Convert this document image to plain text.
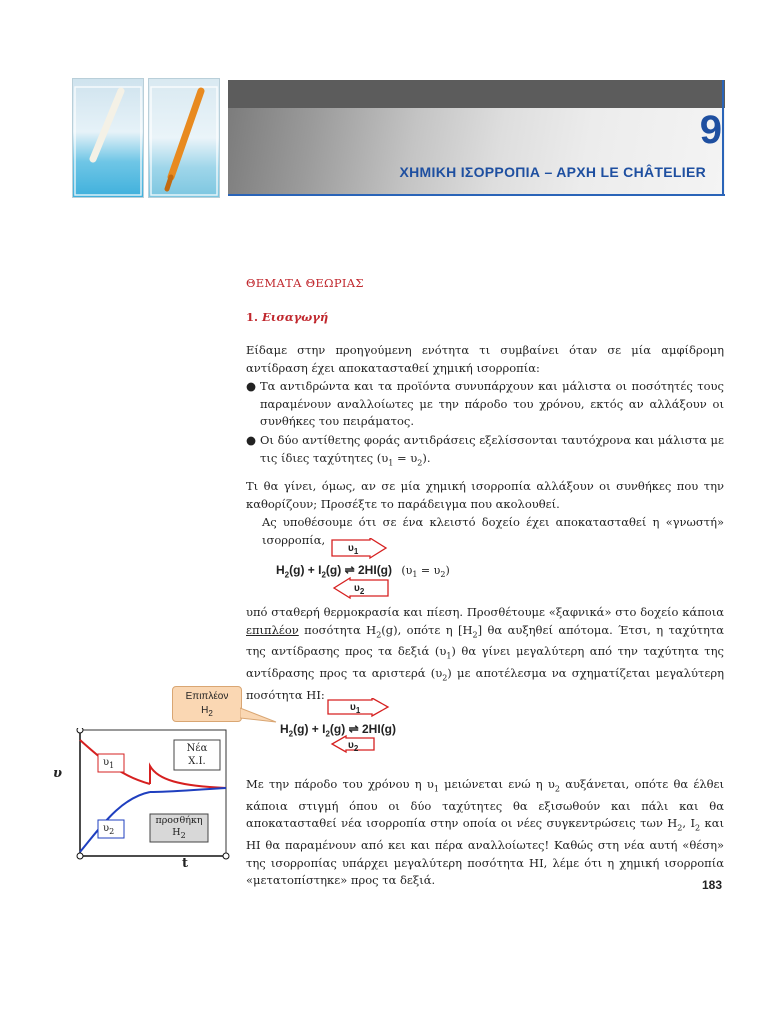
9
ΧΗΜΙΚΗ ΙΣΟΡΡΟΠΙΑ – ΑΡΧΗ LE CHÂTELIER
ΘΕΜΑΤΑ ΘΕΩΡΙΑΣ
1. Εισαγωγή
Είδαμε στην προηγούμενη ενότητα τι συμβαίνει όταν σε μία αμφίδρομη αντίδραση έχει αποκατασταθεί χημική ισορροπία:
● Τα αντιδρώντα και τα προϊόντα συνυπάρχουν και μάλιστα οι ποσότητές τους παραμένουν αναλλοίωτες με την πάροδο του χρόνου, εκτός αν αλλάξουν οι συνθήκες του πειράματος.
● Οι δύο αντίθετης φοράς αντιδράσεις εξελίσσονται ταυτόχρονα και μάλιστα με τις ίδιες ταχύτητες $(\upsilon_1 = \upsilon_2)$.
Τι θα γίνει, όμως, αν σε μία χημική ισορροπία αλλάξουν οι συνθήκες που την καθορίζουν; Προσέξτε το παράδειγμα που ακολουθεί.
Ας υποθέσουμε ότι σε ένα κλειστό δοχείο έχει αποκατασταθεί η «γνωστή» ισορροπία,
$\upsilon_1$
$\upsilon_2$
$H_2(g) + I_2(g)$ ⇌ 2HI(g) $(\upsilon_1 = \upsilon_2)$
υπό σταθερή θερμοκρασία και πίεση. Προσθέτουμε «ξαφνικά» στο δοχείο κάποια επιπλέον ποσότητα $H_2(g)$, οπότε η $[H_2]$ θα αυξηθεί απότομα. Έτσι, η ταχύτητα της αντίδρασης προς τα δεξιά $(\upsilon_1)$ θα γίνει μεγαλύτερη από την ταχύτητα της αντίδρασης προς τα αριστερά $(\upsilon_2)$ με αποτέλεσμα να σχηματίζεται μεγαλύτερη ποσότητα HI:
Επιπλέον
$H_2$
$\upsilon_1$
$\upsilon_2$
$H_2(g) + I_2(g)$ ⇌ 2HI(g)
υ
t
$\upsilon_1$
$\upsilon_2$
Νέα
Χ.Ι.
προσθήκη
$H_2$
Με την πάροδο του χρόνου η $\upsilon_1$ μειώνεται ενώ η $\upsilon_2$ αυξάνεται, οπότε θα έλθει κάποια στιγμή όπου οι δύο ταχύτητες θα εξισωθούν και πάλι και θα αποκατασταθεί νέα ισορροπία στην οποία οι νέες συγκεντρώσεις των $H_2$, $I_2$ και HI θα παραμένουν από κει και πέρα αναλλοίωτες! Καθώς στη νέα αυτή «θέση» της ισορροπίας υπάρχει μεγαλύτερη ποσότητα HI, λέμε ότι η χημική ισορροπία «μετατοπίστηκε» προς τα δεξιά.	183
